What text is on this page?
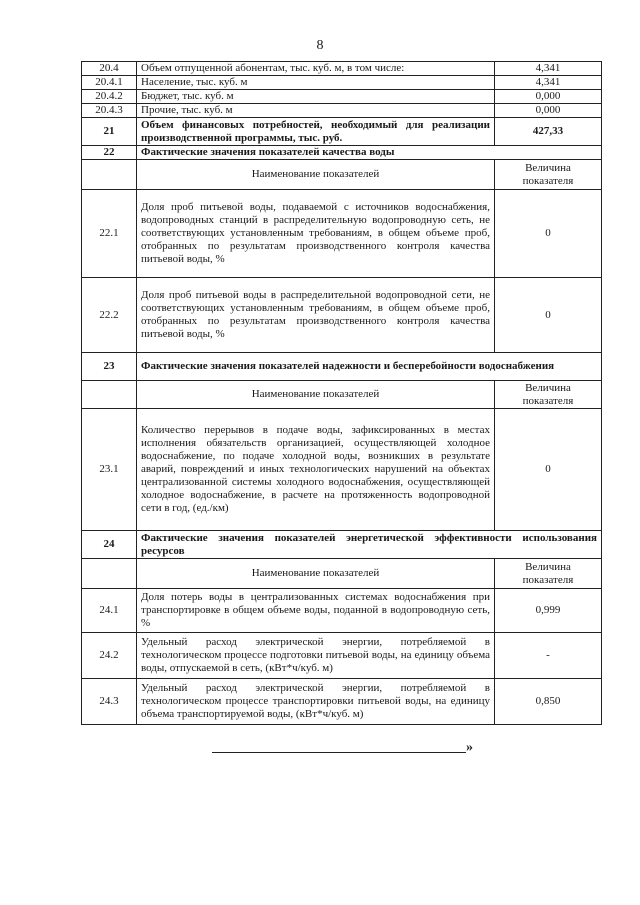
8
20.4	Объем отпущенной абонентам, тыс. куб. м, в том числе:	4,341
20.4.1	Население, тыс. куб. м	4,341
20.4.2	Бюджет, тыс. куб. м	0,000
20.4.3	Прочие, тыс. куб. м	0,000
21	Объем финансовых потребностей, необходимый для реализации производственной программы, тыс. руб.	427,33
22	Фактические значения показателей качества воды	
	Наименование показателей	Величина показателя
22.1	Доля проб питьевой воды, подаваемой с источников водоснабжения, водопроводных станций в распределительную водопроводную сеть, не соответствующих установленным требованиям, в общем объеме проб, отобранных по результатам производственного контроля качества питьевой воды, %	0
22.2	Доля проб питьевой воды в распределительной водопроводной сети, не соответствующих установленным требованиям, в общем объеме проб, отобранных по результатам производственного контроля качества питьевой воды, %	0
23	Фактические значения показателей надежности и бесперебойности водоснабжения	
	Наименование показателей	Величина показателя
23.1	Количество перерывов в подаче воды, зафиксированных в местах исполнения обязательств организацией, осуществляющей холодное водоснабжение, по подаче холодной воды, возникших в результате аварий, повреждений и иных технологических нарушений на объектах централизованной системы холодного водоснабжения, осуществляющей холодное водоснабжение, в расчете на протяженность водопроводной сети в год, (ед./км)	0
24	Фактические значения показателей энергетической эффективности использования ресурсов	
	Наименование показателей	Величина показателя
24.1	Доля потерь воды в централизованных системах водоснабжения при транспортировке в общем объеме воды, поданной в водопроводную сеть, %	0,999
24.2	Удельный расход электрической энергии, потребляемой в технологическом процессе подготовки питьевой воды, на единицу объема воды, отпускаемой в сеть, (кВт*ч/куб. м)	-
24.3	Удельный расход электрической энергии, потребляемой в технологическом процессе транспортировки питьевой воды, на единицу объема транспортируемой воды, (кВт*ч/куб. м)	0,850
»
